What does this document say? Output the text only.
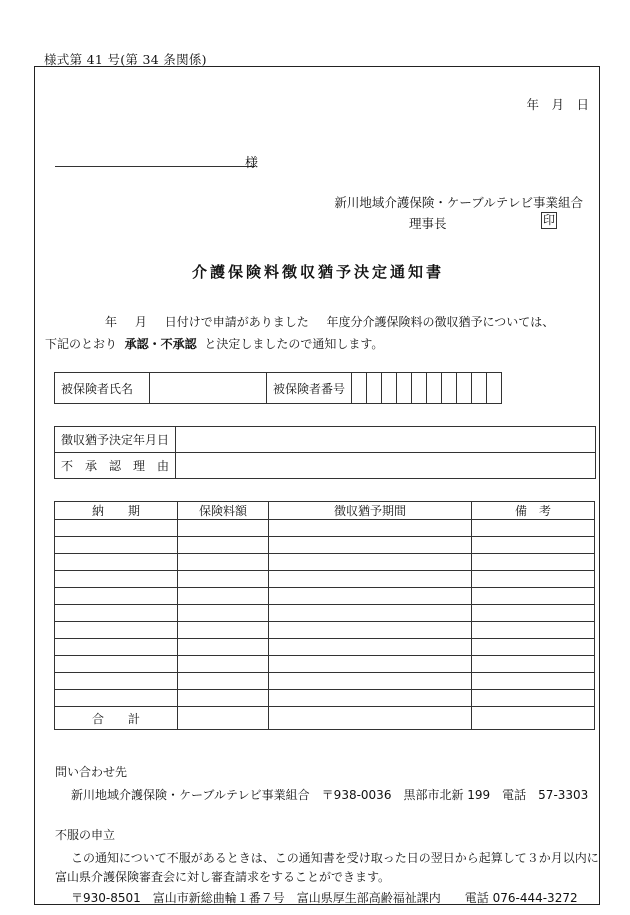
様式第 41 号(第 34 条関係)
年　月　日
様
新川地域介護保険・ケーブルテレビ事業組合
理事長	印
介護保険料徴収猶予決定通知書
年 月 日付けで申請がありました 年度分介護保険料の徴収猶予については、
下記のとおり 承認・不承認 と決定しましたので通知します。
被保険者氏名		被保険者番号										
徴収猶予決定年月日	
不　承　認　理　由	
納　　期	保険料額	徴収猶予期間	備　考

合　　計			
問い合わせ先
新川地域介護保険・ケーブルテレビ事業組合　〒938-0036　黒部市北新 199　電話　57-3303
不服の申立
この通知について不服があるときは、この通知書を受け取った日の翌日から起算して３か月以内に
富山県介護保険審査会に対し審査請求をすることができます。
〒930-8501　富山市新総曲輪１番７号　富山県厚生部高齢福祉課内　　電話 076-444-3272
